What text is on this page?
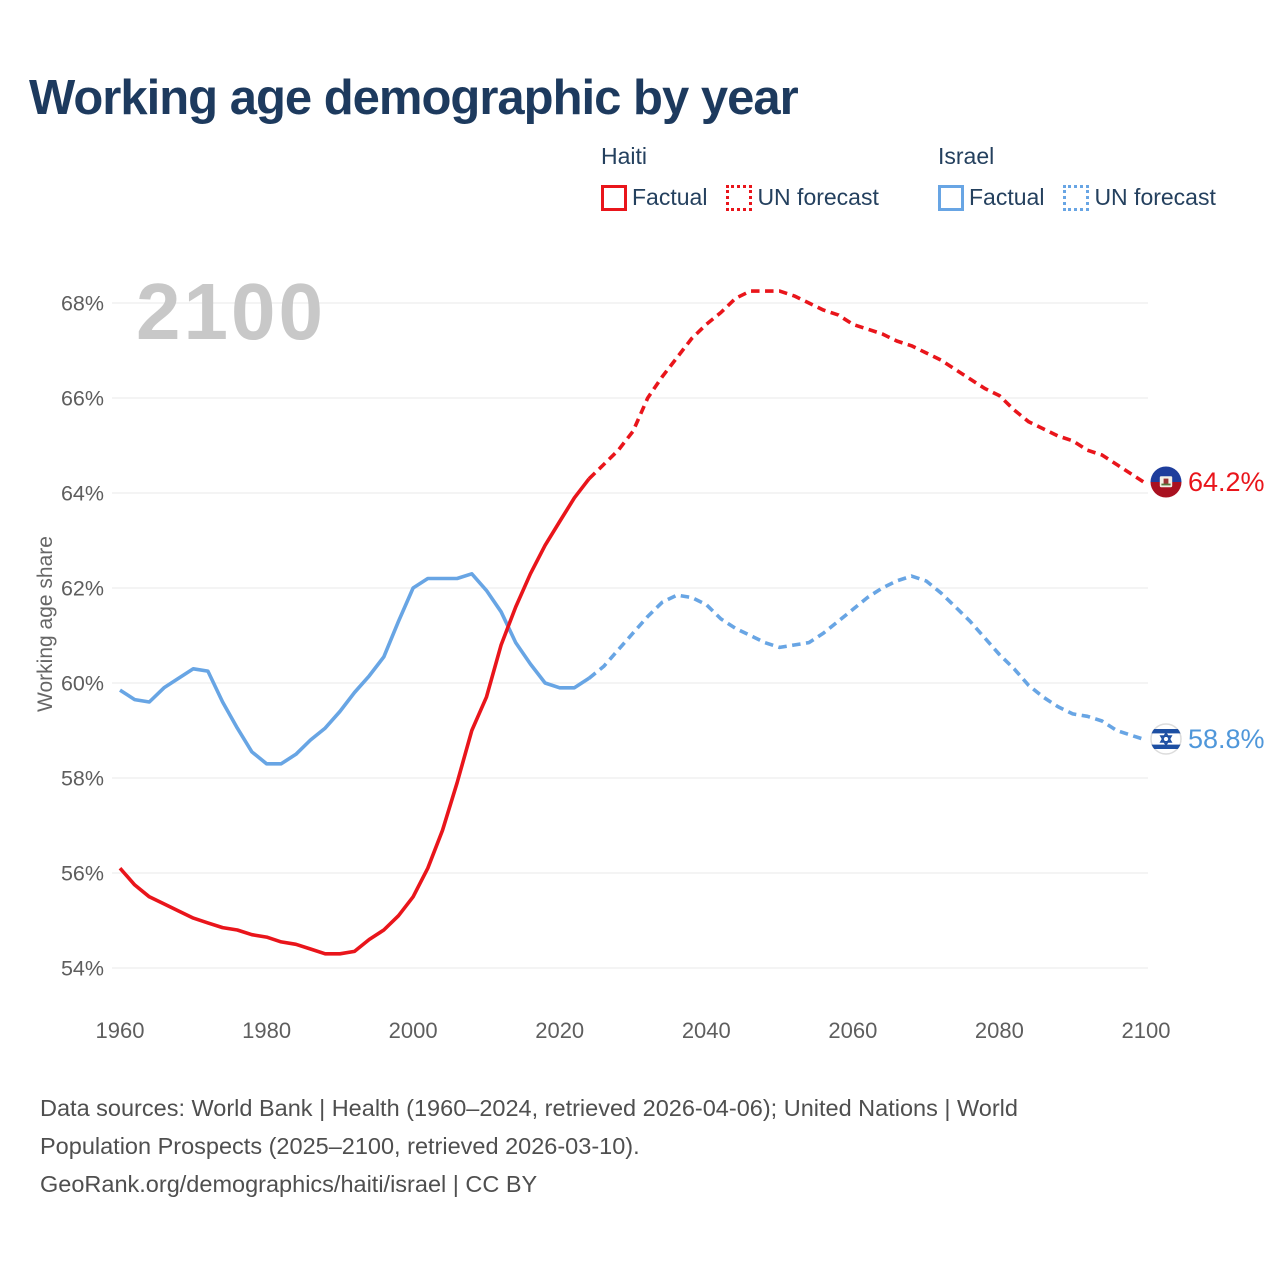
Working age demographic by year
Haiti
Factual UN forecast
Israel
Factual UN forecast
68%
66%
64%
62%
60%
58%
56%
54%
1960	1980	2000	2020	2040	2060	2080	2100
2100
Working age share
64.2%
58.8%
Data sources: World Bank | Health (1960–2024, retrieved 2026-04-06); United Nations | World
Population Prospects (2025–2100, retrieved 2026-03-10).
GeoRank.org/demographics/haiti/israel | CC BY
